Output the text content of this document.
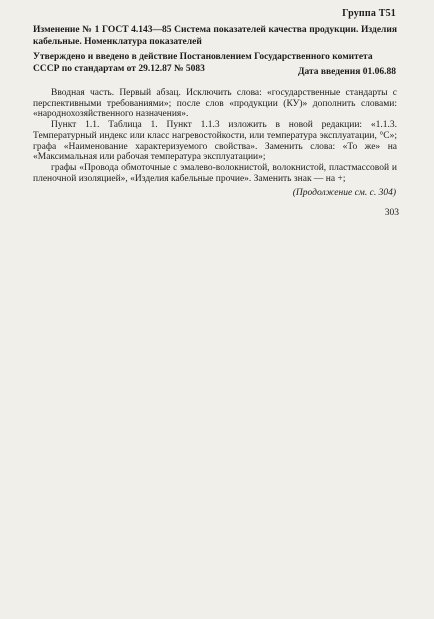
Группа Т51
Изменение № 1 ГОСТ 4.143—85 Система показателей качества продукции. Изделия кабельные. Номенклатура показателей
Утверждено и введено в действие Постановлением Государственного комитета СССР по стандартам от 29.12.87 № 5083	Дата введения 01.06.88

Вводная часть. Первый абзац. Исключить слова: «государственные стандарты с перспективными требованиями»; после слов «продукции (КУ)» дополнить словами: «народнохозяйственного назначения».

Пункт 1.1. Таблица 1. Пункт 1.1.3 изложить в новой редакции: «1.1.3. Температурный индекс или класс нагревостойкости, или температура эксплуатации, °С»; графа «Наименование характеризуемого свойства». Заменить слова: «То же» на «Максимальная или рабочая температура эксплуатации»;

графы «Провода обмоточные с эмалево-волокнистой, волокнистой, пластмассовой и пленочной изоляцией», «Изделия кабельные прочие». Заменить знак — на +;

(Продолжение см. с. 304)
303
